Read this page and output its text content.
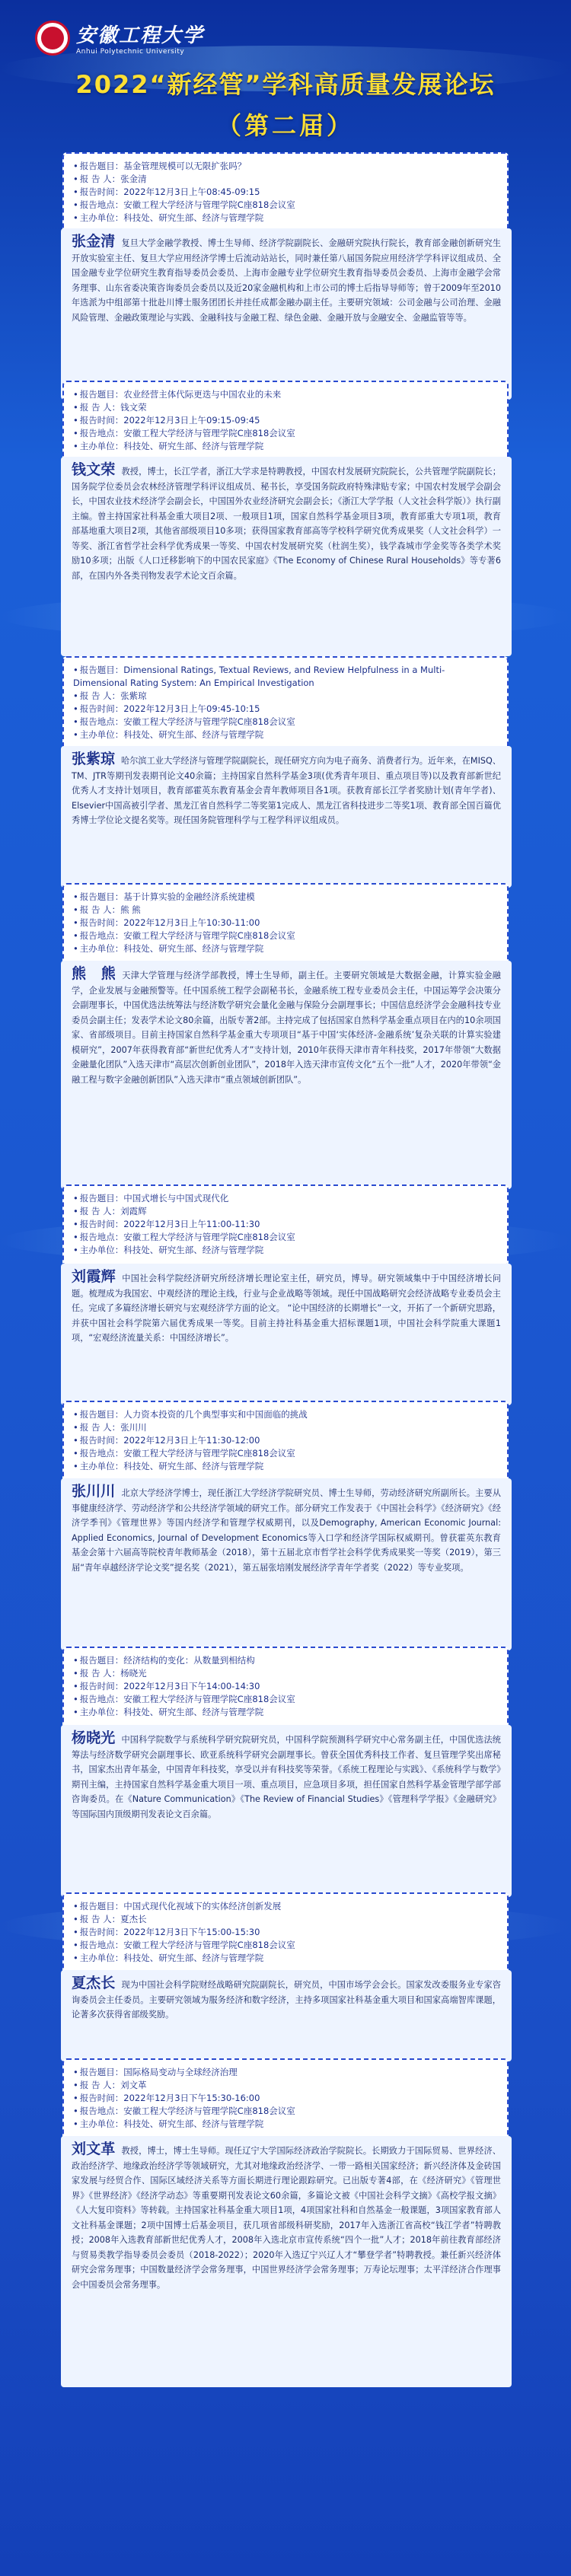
安徽工程大学
Anhui Polytechnic University
2022“新经管”学科高质量发展论坛
（第二届）
• 报告题目：基金管理规模可以无限扩张吗？
• 报 告 人：张金清
• 报告时间：2022年12月3日上午08:45-09:15
• 报告地点：安徽工程大学经济与管理学院C座818会议室
• 主办单位：科技处、研究生部、经济与管理学院
张金清 复旦大学金融学教授、博士生导师、经济学院副院长、金融研究院执行院长，教育部金融创新研究生开放实验室主任、复旦大学应用经济学博士后流动站站长，同时兼任第八届国务院应用经济学学科评议组成员、全国金融专业学位研究生教育指导委员会委员、上海市金融专业学位研究生教育指导委员会委员、上海市金融学会常务理事、山东省委决策咨询委员会委员以及近20家金融机构和上市公司的博士后指导导师等；曾于2009年至2010年选派为中组部第十批赴川博士服务团团长并挂任成都金融办副主任。主要研究领域：公司金融与公司治理、金融风险管理、金融政策理论与实践、金融科技与金融工程、绿色金融、金融开放与金融安全、金融监管等等。
• 报告题目：农业经营主体代际更迭与中国农业的未来
• 报 告 人：钱文荣
• 报告时间：2022年12月3日上午09:15-09:45
• 报告地点：安徽工程大学经济与管理学院C座818会议室
• 主办单位：科技处、研究生部、经济与管理学院
钱文荣 教授，博士，长江学者，浙江大学求是特聘教授，中国农村发展研究院院长，公共管理学院副院长；国务院学位委员会农林经济管理学科评议组成员、秘书长，享受国务院政府特殊津贴专家；中国农村发展学会副会长，中国农业技术经济学会副会长，中国国外农业经济研究会副会长；《浙江大学学报（人文社会科学版）》执行副主编。曾主持国家社科基金重大项目2项、一般项目1项，国家自然科学基金项目3项，教育部重大专项1项，教育部基地重大项目2项，其他省部级项目10多项；获得国家教育部高等学校科学研究优秀成果奖（人文社会科学）一等奖、浙江省哲学社会科学优秀成果一等奖、中国农村发展研究奖（杜润生奖），钱学森城市学金奖等各类学术奖励10多项；出版《人口迁移影响下的中国农民家庭》《The Economy of Chinese Rural Households》等专著6部，在国内外各类刊物发表学术论文百余篇。
• 报告题目：Dimensional Ratings, Textual Reviews, and Review Helpfulness in a Multi-Dimensional Rating System: An Empirical Investigation
• 报 告 人：张紫琼
• 报告时间：2022年12月3日上午09:45-10:15
• 报告地点：安徽工程大学经济与管理学院C座818会议室
• 主办单位：科技处、研究生部、经济与管理学院
张紫琼 哈尔滨工业大学经济与管理学院副院长，现任研究方向为电子商务、消费者行为。近年来，在MISQ、TM、JTR等期刊发表期刊论文40余篇；主持国家自然科学基金3项(优秀青年项目、重点项目等)以及教育部新世纪优秀人才支持计划项目，教育部霍英东教育基金会青年教师项目各1项。获教育部长江学者奖励计划(青年学者)、Elsevier中国高被引学者、黑龙江省自然科学二等奖第1完成人、黑龙江省科技进步二等奖1项、教育部全国百篇优秀博士学位论文提名奖等。现任国务院管理科学与工程学科评议组成员。
• 报告题目：基于计算实验的金融经济系统建模
• 报 告 人：熊 熊
• 报告时间：2022年12月3日上午10:30-11:00
• 报告地点：安徽工程大学经济与管理学院C座818会议室
• 主办单位：科技处、研究生部、经济与管理学院
熊　熊 天津大学管理与经济学部教授，博士生导师，副主任。主要研究领域是大数据金融，计算实验金融学，企业发展与金融预警等。任中国系统工程学会副秘书长，金融系统工程专业委员会主任，中国运筹学会决策分会副理事长，中国优选法统筹法与经济数学研究会量化金融与保险分会副理事长；中国信息经济学会金融科技专业委员会副主任；发表学术论文80余篇，出版专著2部。主持完成了包括国家自然科学基金重点项目在内的10余项国家、省部级项目。目前主持国家自然科学基金重大专项项目“基于中国‘实体经济-金融系统’复杂关联的计算实验建模研究”，2007年获得教育部“新世纪优秀人才”支持计划，2010年获得天津市青年科技奖，2017年带领“大数据金融量化团队”入选天津市“高层次创新创业团队”，2018年入选天津市宣传文化“五个一批”人才，2020年带领“金融工程与数字金融创新团队”入选天津市“重点领域创新团队”。
• 报告题目：中国式增长与中国式现代化
• 报 告 人：刘霞辉
• 报告时间：2022年12月3日上午11:00-11:30
• 报告地点：安徽工程大学经济与管理学院C座818会议室
• 主办单位：科技处、研究生部、经济与管理学院
刘霞辉 中国社会科学院经济研究所经济增长理论室主任，研究员，博导。研究领域集中于中国经济增长问题。梳理成为我国宏、中观经济的理论主线，行业与企业战略等领域。现任中国战略研究会经济战略专业委员会主任。完成了多篇经济增长研究与宏观经济学方面的论文。 “论中国经济的长期增长”一文，开拓了一个新研究思路，并获中国社会科学院第六届优秀成果一等奖。目前主持社科基金重大招标课题1项，中国社会科学院重大课题1项，“宏观经济流量关系：中国经济增长”。
• 报告题目：人力资本投资的几个典型事实和中国面临的挑战
• 报 告 人：张川川
• 报告时间：2022年12月3日上午11:30-12:00
• 报告地点：安徽工程大学经济与管理学院C座818会议室
• 主办单位：科技处、研究生部、经济与管理学院
张川川 北京大学经济学博士，现任浙江大学经济学院研究员、博士生导师，劳动经济研究所副所长。主要从事健康经济学、劳动经济学和公共经济学领域的研究工作。部分研究工作发表于《中国社会科学》《经济研究》《经济学季刊》《管理世界》等国内经济学和管理学权威期刊，以及Demography, American Economic Journal: Applied Economics, Journal of Development Economics等入口学和经济学国际权威期刊。曾获霍英东教育基金会第十六届高等院校青年教师基金（2018），第十五届北京市哲学社会科学优秀成果奖一等奖（2019），第三届“青年卓越经济学论文奖”提名奖（2021），第五届张培刚发展经济学青年学者奖（2022）等专业奖项。
• 报告题目：经济结构的变化：从数量到相结构
• 报 告 人：杨晓光
• 报告时间：2022年12月3日下午14:00-14:30
• 报告地点：安徽工程大学经济与管理学院C座818会议室
• 主办单位：科技处、研究生部、经济与管理学院
杨晓光 中国科学院数学与系统科学研究院研究员，中国科学院预测科学研究中心常务副主任，中国优选法统筹法与经济数学研究会副理事长、欧亚系统科学研究会副理事长。曾获全国优秀科技工作者、复旦管理学奖出席秘书，国家杰出青年基金，中国青年科技奖，享受以并有科技奖等荣誉。《系统工程理论与实践》、《系统科学与数学》期刊主编，主持国家自然科学基金重大项目一项、重点项目，应急项目多项，担任国家自然科学基金管理学部学部咨询委员。在《Nature Communication》《The Review of Financial Studies》《管理科学学报》《金融研究》等国际国内顶级期刊发表论文百余篇。
• 报告题目：中国式现代化视域下的实体经济创新发展
• 报 告 人：夏杰长
• 报告时间：2022年12月3日下午15:00-15:30
• 报告地点：安徽工程大学经济与管理学院C座818会议室
• 主办单位：科技处、研究生部、经济与管理学院
夏杰长 现为中国社会科学院财经战略研究院副院长，研究员，中国市场学会会长。国家发改委服务业专家咨询委员会主任委员。主要研究领域为服务经济和数字经济，主持多项国家社科基金重大项目和国家高端智库课题，论著多次获得省部级奖励。
• 报告题目：国际格局变动与全球经济治理
• 报 告 人：刘文革
• 报告时间：2022年12月3日下午15:30-16:00
• 报告地点：安徽工程大学经济与管理学院C座818会议室
• 主办单位：科技处、研究生部、经济与管理学院
刘文革 教授，博士，博士生导师。现任辽宁大学国际经济政治学院院长。长期致力于国际贸易、世界经济、政治经济学、地缘政治经济学等领域研究，尤其对地缘政治经济学、一带一路相关国家经济；新兴经济体及金砖国家发展与经贸合作、国际区域经济关系等方面长期进行理论跟踪研究。已出版专著4部，在《经济研究》《管理世界》《世界经济》《经济学动态》等重要期刊发表论文60余篇，多篇论文被《中国社会科学文摘》《高校学报文摘》《人大复印资料》等转载。主持国家社科基金重大项目1项，4项国家社科和自然基金一般课题，3项国家教育部人文社科基金课题；2项中国博士后基金项目，获几项省部级科研奖励，2017年入选浙江省高校“钱江学者”特聘教授；2008年入选教育部新世纪优秀人才，2008年入选北京市宣传系统“四个一批”人才；2018年前往教育部经济与贸易类教学指导委员会委员（2018-2022）；2020年入选辽宁兴辽人才“攀登学者”特聘教授。兼任新兴经济体研究会常务理事；中国数量经济学会常务理事，中国世界经济学会常务理事；万寿论坛理事；太平洋经济合作理事会中国委员会常务理事。
